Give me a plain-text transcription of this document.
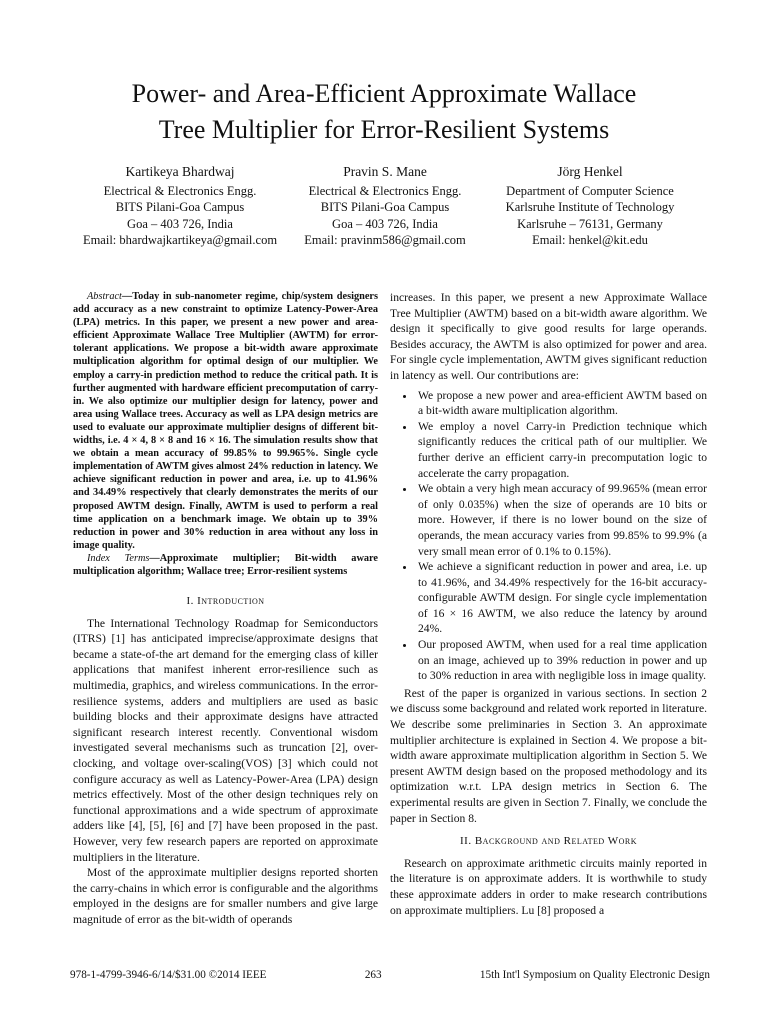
Power- and Area-Efficient Approximate Wallace
Tree Multiplier for Error-Resilient Systems
Kartikeya Bhardwaj
Electrical & Electronics Engg.
BITS Pilani-Goa Campus
Goa – 403 726, India
Email: bhardwajkartikeya@gmail.com
Pravin S. Mane
Electrical & Electronics Engg.
BITS Pilani-Goa Campus
Goa – 403 726, India
Email: pravinm586@gmail.com
Jörg Henkel
Department of Computer Science
Karlsruhe Institute of Technology
Karlsruhe – 76131, Germany
Email: henkel@kit.edu

Abstract—Today in sub-nanometer regime, chip/system designers add accuracy as a new constraint to optimize Latency-Power-Area (LPA) metrics. In this paper, we present a new power and area-efficient Approximate Wallace Tree Multiplier (AWTM) for error-tolerant applications. We propose a bit-width aware approximate multiplication algorithm for optimal design of our multiplier. We employ a carry-in prediction method to reduce the critical path. It is further augmented with hardware efficient precomputation of carry-in. We also optimize our multiplier design for latency, power and area using Wallace trees. Accuracy as well as LPA design metrics are used to evaluate our approximate multiplier designs of different bit-widths, i.e. 4 × 4, 8 × 8 and 16 × 16. The simulation results show that we obtain a mean accuracy of 99.85% to 99.965%. Single cycle implementation of AWTM gives almost 24% reduction in latency. We achieve significant reduction in power and area, i.e. up to 41.96% and 34.49% respectively that clearly demonstrates the merits of our proposed AWTM design. Finally, AWTM is used to perform a real time application on a benchmark image. We obtain up to 39% reduction in power and 30% reduction in area without any loss in image quality.

Index Terms—Approximate multiplier; Bit-width aware multiplication algorithm; Wallace tree; Error-resilient systems

I. Introduction

The International Technology Roadmap for Semiconductors (ITRS) [1] has anticipated imprecise/approximate designs that became a state-of-the art demand for the emerging class of killer applications that manifest inherent error-resilience such as multimedia, graphics, and wireless communications. In the error-resilience systems, adders and multipliers are used as basic building blocks and their approximate designs have attracted significant research interest recently. Conventional wisdom investigated several mechanisms such as truncation [2], over-clocking, and voltage over-scaling(VOS) [3] which could not configure accuracy as well as Latency-Power-Area (LPA) design metrics effectively. Most of the other design techniques rely on functional approximations and a wide spectrum of approximate adders like [4], [5], [6] and [7] have been proposed in the past. However, very few research papers are reported on approximate multipliers in the literature.

Most of the approximate multiplier designs reported shorten the carry-chains in which error is configurable and the algorithms employed in the designs are for smaller numbers and give large magnitude of error as the bit-width of operands

increases. In this paper, we present a new Approximate Wallace Tree Multiplier (AWTM) based on a bit-width aware algorithm. We design it specifically to give good results for large operands. Besides accuracy, the AWTM is also optimized for power and area. For single cycle implementation, AWTM gives significant reduction in latency as well. Our contributions are:

• We propose a new power and area-efficient AWTM based on a bit-width aware multiplication algorithm.
• We employ a novel Carry-in Prediction technique which significantly reduces the critical path of our multiplier. We further derive an efficient carry-in precomputation logic to accelerate the carry propagation.
• We obtain a very high mean accuracy of 99.965% (mean error of only 0.035%) when the size of operands are 10 bits or more. However, if there is no lower bound on the size of operands, the mean accuracy varies from 99.85% to 99.9% (a very small mean error of 0.1% to 0.15%).
• We achieve a significant reduction in power and area, i.e. up to 41.96%, and 34.49% respectively for the 16-bit accuracy-configurable AWTM design. For single cycle implementation of 16 × 16 AWTM, we also reduce the latency by around 24%.
• Our proposed AWTM, when used for a real time application on an image, achieved up to 39% reduction in power and up to 30% reduction in area with negligible loss in image quality.

Rest of the paper is organized in various sections. In section 2 we discuss some background and related work reported in literature. We describe some preliminaries in Section 3. An approximate multiplier architecture is explained in Section 4. We propose a bit-width aware approximate multiplication algorithm in Section 5. We present AWTM design based on the proposed methodology and its optimization w.r.t. LPA design metrics in Section 6. The experimental results are given in Section 7. Finally, we conclude the paper in Section 8.

II. Background and Related Work

Research on approximate arithmetic circuits mainly reported in the literature is on approximate adders. It is worthwhile to study these approximate adders in order to make research contributions on approximate multipliers. Lu [8] proposed a

978-1-4799-3946-6/14/$31.00 ©2014 IEEE	263	15th Int'l Symposium on Quality Electronic Design
